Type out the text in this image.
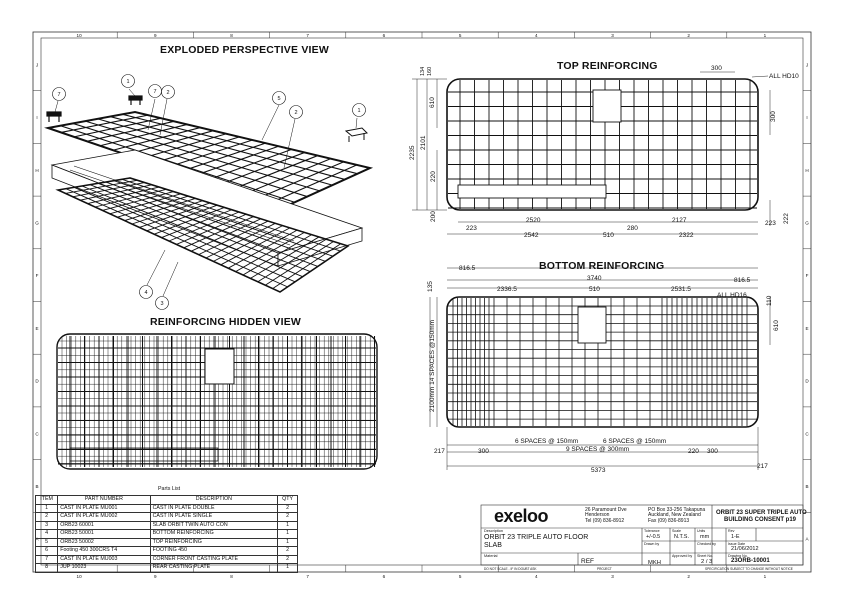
10	9	8	7	6	5	4	3	2	1
10	9	8	7	6	5	4	3	2	1
J	J
I	I
H	H
G	G
F	F
E	E
D	D
C	C
B	B
A	A
1
7	7 2
5
2	1
4
3
EXPLODED PERSPECTIVE VIEW
TOP REINFORCING
REINFORCING HIDDEN VIEW
BOTTOM REINFORCING
134 160
610
2235
2101
220
200
300
300
222
2520	2127
223
223
280
2542	510	2322
ALL HD10
816.5
3740	816.5
2336.5	510	2531.5
ALL HD16
135
2100mm 14 SPACES @150mm
110
610
6 SPACES @ 150mm	6 SPACES @ 150mm
217	300	9 SPACES @ 300mm	220 300
5373
217
Parts List
ITEM	PART NUMBER	DESCRIPTION	QTY
1	CAST IN PLATE MU001	CAST IN PLATE DOUBLE	2
2	CAST IN PLATE MU002	CAST IN PLATE SINGLE	2
3	ORB23 60001	SLAB ORBIT TWIN AUTO CON	1
4	ORB23 50001	BOTTOM REINFORCING	1
5	ORB23 50002	TOP REINFORCING	1
6	Footing 450 300CRS T4	FOOTING 450	2
7	CAST IN PLATE MU003	CORNER FRONT CASTING PLATE	2
8	JUP 10023	REAR CASTING PLATE	1
exeloo	26 Paramount Dve
Henderson
Tel (09) 836-8912
PO Box 33-256 Takapuna
Auckland, New Zealand
Fax (09) 836-8913
ORBIT 23 SUPER TRIPLE AUTO
BUILDING CONSENT p19
Description
ORBIT 23 TRIPLE AUTO FLOOR
SLAB
Material
REF
Tolerance
+/-0.5
Scale
N.T.S.
Units
mm
Rev
1-E
Drawn by
MKH
Checked by	Issue Date
21/06/2012
Approved by Sheet No.
2 / 3
Drawing No.
23ORB-10001
DO NOT SCALE - IF IN DOUBT ASK	PROJECT	SPECIFICATION SUBJECT TO CHANGE WITHOUT NOTICE
